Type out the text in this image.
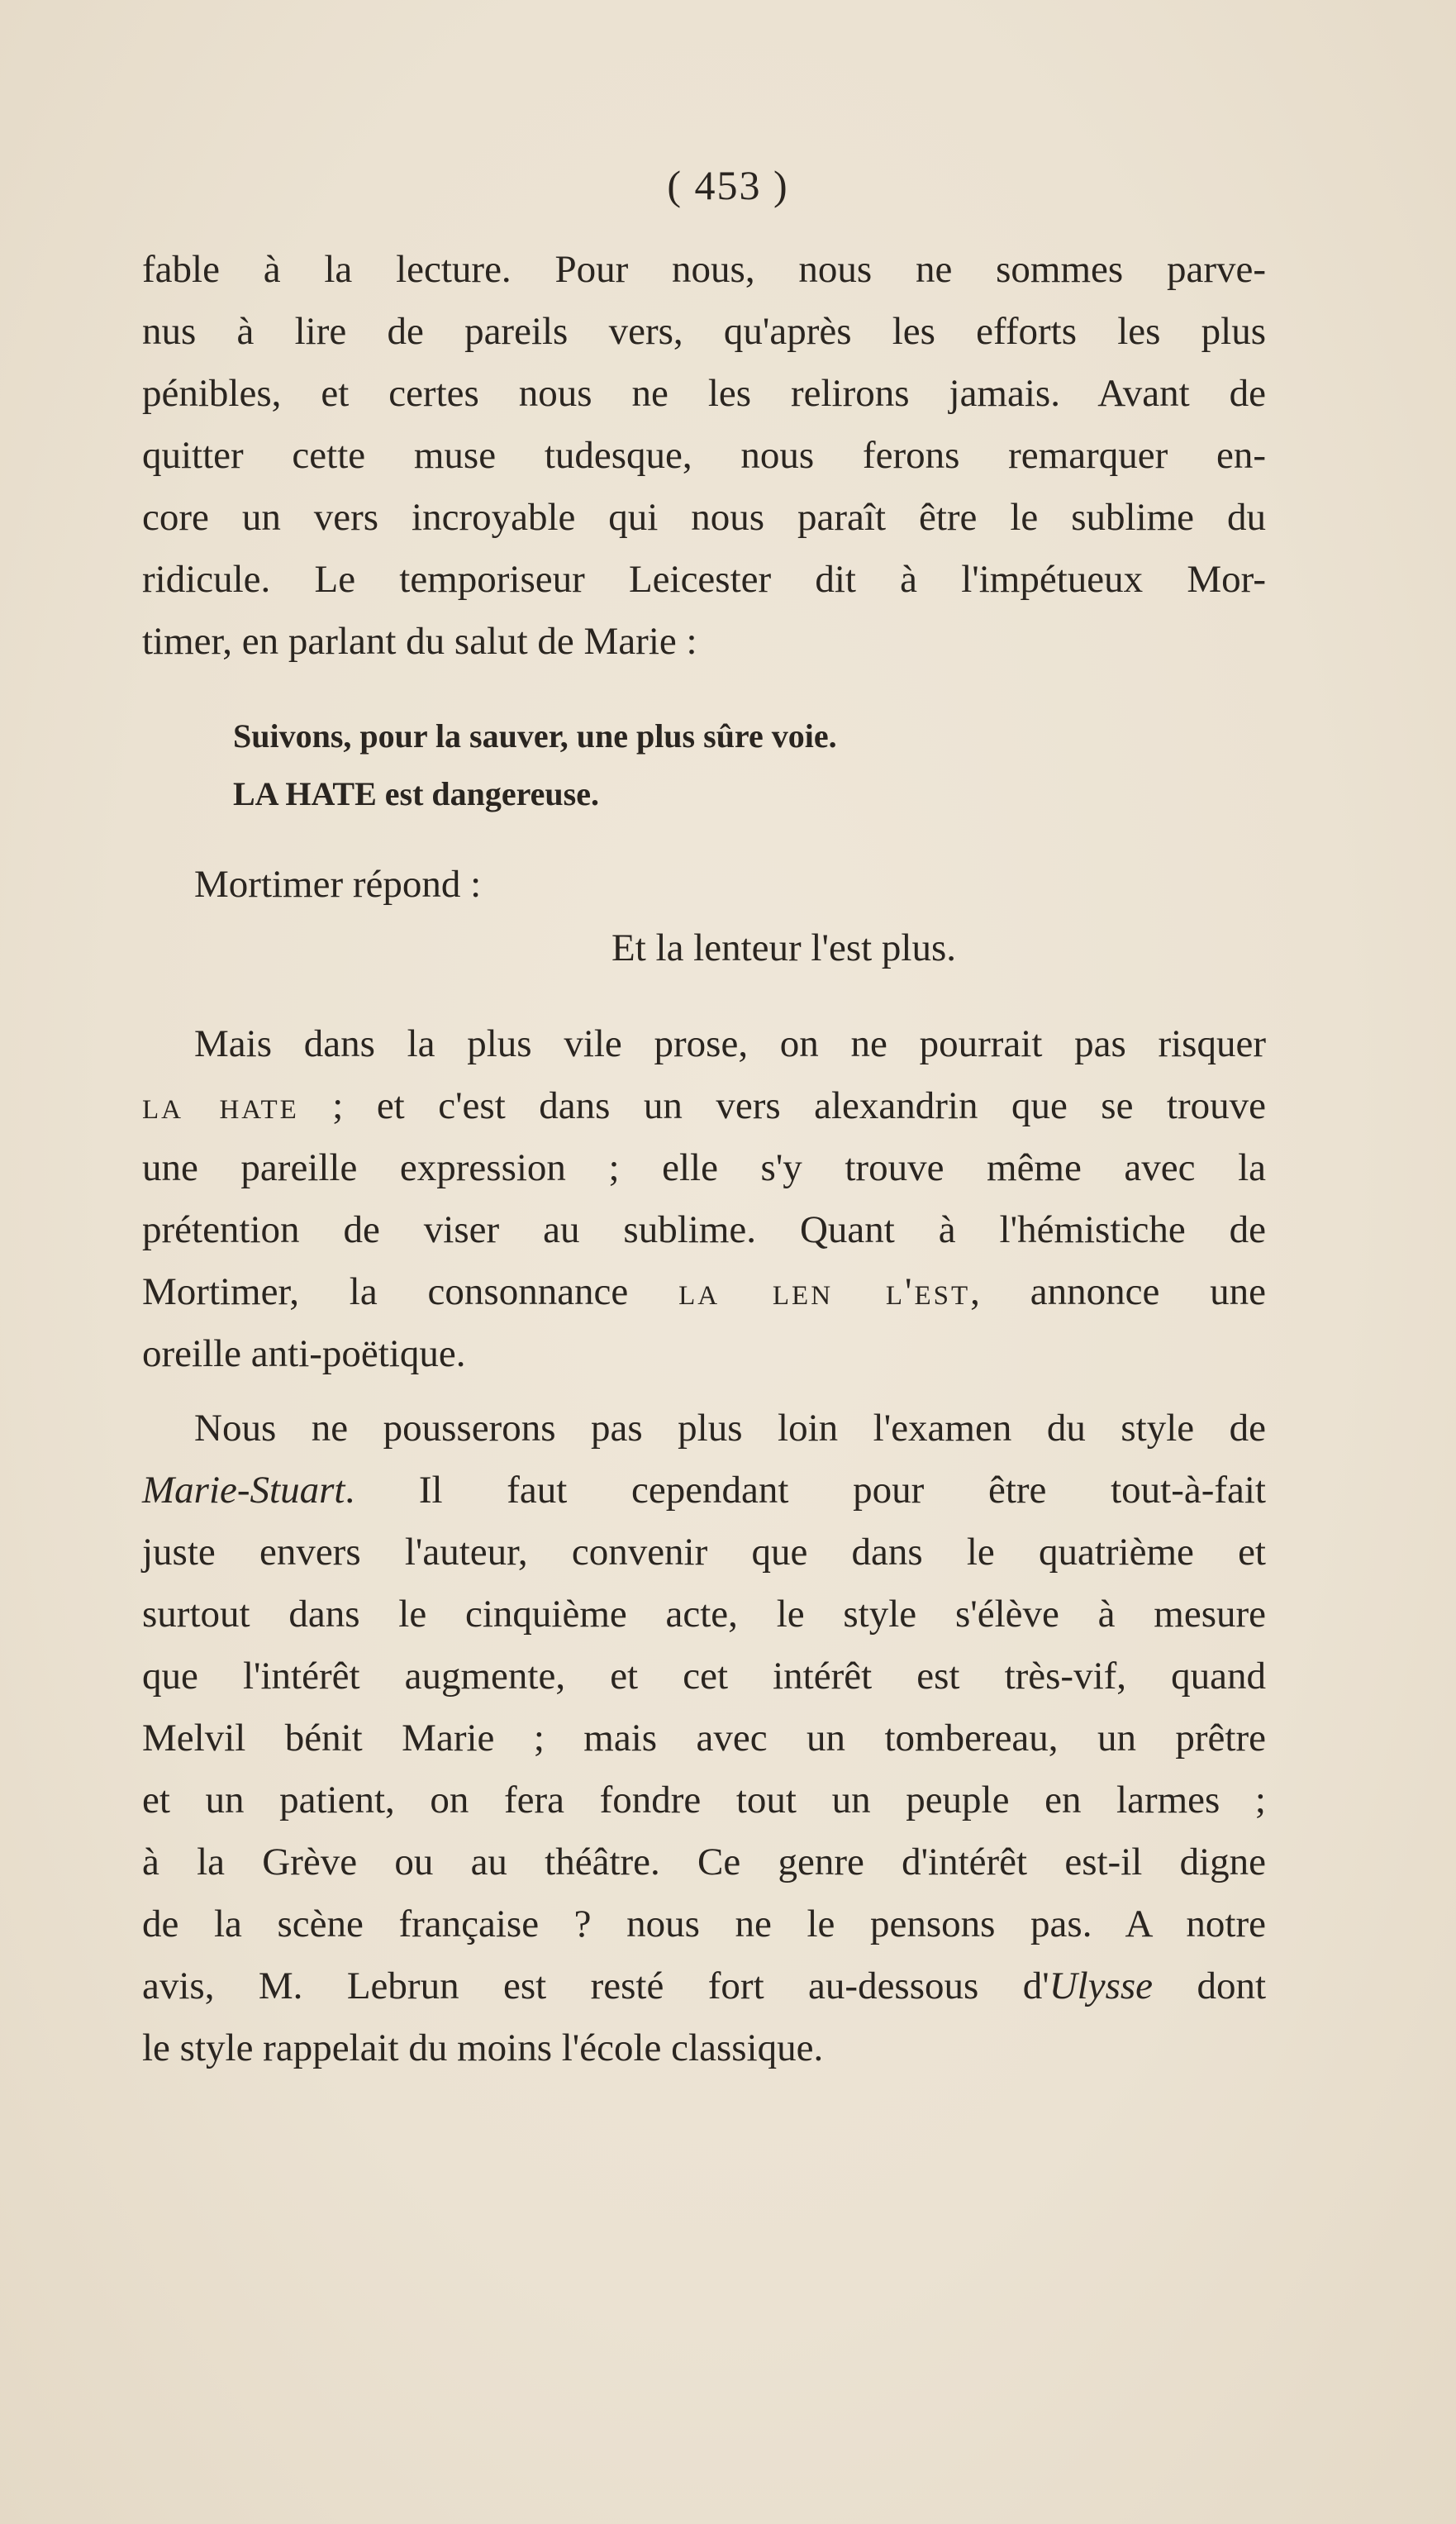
( 453 )
fable à la lecture. Pour nous, nous ne sommes parve-
nus à lire de pareils vers, qu'après les efforts les plus
pénibles, et certes nous ne les relirons jamais. Avant de
quitter cette muse tudesque, nous ferons remarquer en-
core un vers incroyable qui nous paraît être le sublime du
ridicule. Le temporiseur Leicester dit à l'impétueux Mor-
timer, en parlant du salut de Marie :
Suivons, pour la sauver, une plus sûre voie.
LA HATE est dangereuse.
Mortimer répond :
Et la lenteur l'est plus.
Mais dans la plus vile prose, on ne pourrait pas risquer
la hate ; et c'est dans un vers alexandrin que se trouve
une pareille expression ; elle s'y trouve même avec la
prétention de viser au sublime. Quant à l'hémistiche de
Mortimer, la consonnance la len l'est, annonce une
oreille anti-poëtique.
Nous ne pousserons pas plus loin l'examen du style de
Marie-Stuart. Il faut cependant pour être tout-à-fait
juste envers l'auteur, convenir que dans le quatrième et
surtout dans le cinquième acte, le style s'élève à mesure
que l'intérêt augmente, et cet intérêt est très-vif, quand
Melvil bénit Marie ; mais avec un tombereau, un prêtre
et un patient, on fera fondre tout un peuple en larmes ;
à la Grève ou au théâtre. Ce genre d'intérêt est-il digne
de la scène française ? nous ne le pensons pas. A notre
avis, M. Lebrun est resté fort au-dessous d'Ulysse dont
le style rappelait du moins l'école classique.
